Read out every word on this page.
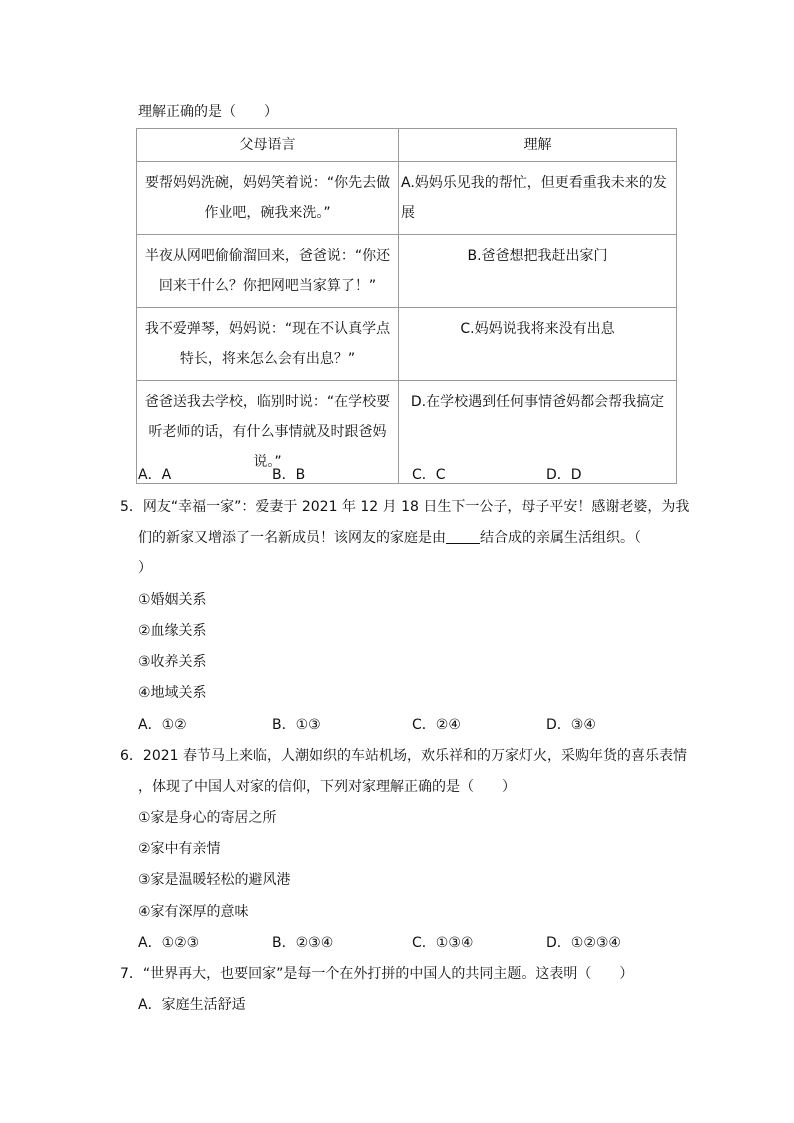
理解正确的是（　　）
父母语言	理解
要帮妈妈洗碗，妈妈笑着说：“你先去做作业吧，碗我来洗。”	A.妈妈乐见我的帮忙，但更看重我未来的发展
半夜从网吧偷偷溜回来，爸爸说：“你还回来干什么？你把网吧当家算了！”	B.爸爸想把我赶出家门
我不爱弹琴，妈妈说：“现在不认真学点特长，将来怎么会有出息？”	C.妈妈说我将来没有出息
爸爸送我去学校，临别时说：“在学校要听老师的话，有什么事情就及时跟爸妈说。”	D.在学校遇到任何事情爸妈都会帮我搞定
A．A	B．B	C．C	D．D
5．网友“幸福一家”：爱妻于 2021 年 12 月 18 日生下一公子，母子平安！感谢老婆，为我
们的新家又增添了一名新成员！该网友的家庭是由 结合成的亲属生活组织。（
）
①婚姻关系
②血缘关系
③收养关系
④地域关系
A．①②	B．①③	C．②④	D．③④
6．2021 春节马上来临，人潮如织的车站机场，欢乐祥和的万家灯火，采购年货的喜乐表情
，体现了中国人对家的信仰，下列对家理解正确的是（　　）
①家是身心的寄居之所
②家中有亲情
③家是温暖轻松的避风港
④家有深厚的意味
A．①②③	B．②③④	C．①③④	D．①②③④
7．“世界再大，也要回家”是每一个在外打拼的中国人的共同主题。这表明（　　）
A．家庭生活舒适
